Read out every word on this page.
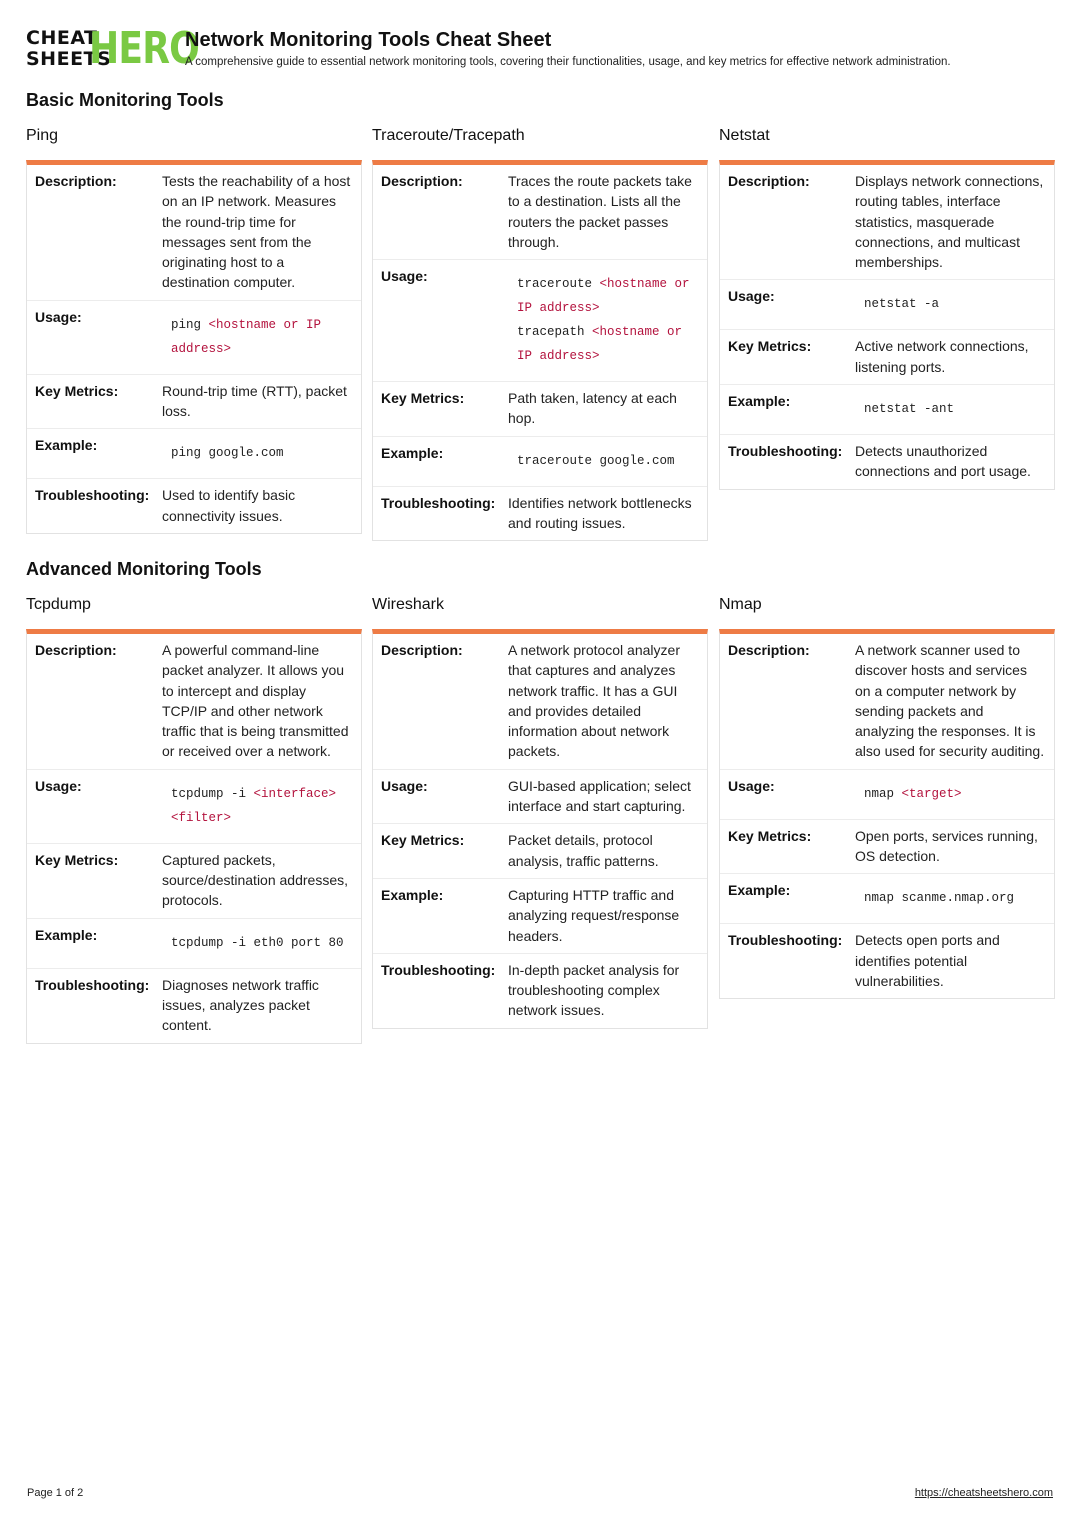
CHEAT
SHEETS
HERO
Network Monitoring Tools Cheat Sheet
A comprehensive guide to essential network monitoring tools, covering their functionalities, usage, and key metrics for effective network administration.
Basic Monitoring Tools
Ping
Description:	Tests the reachability of a host on an IP network. Measures the round-trip time for messages sent from the originating host to a destination computer.
Usage:	ping <hostname or IP address>
Key Metrics:	Round-trip time (RTT), packet loss.
Example:	ping google.com
Troubleshooting: Used to identify basic connectivity issues.
Traceroute/Tracepath
Description:	Traces the route packets take to a destination. Lists all the routers the packet passes through.
Usage:	traceroute <hostname or IP address>
tracepath <hostname or IP address>
Key Metrics:	Path taken, latency at each hop.
Example:	traceroute google.com
Troubleshooting: Identifies network bottlenecks and routing issues.
Netstat
Description:	Displays network connections, routing tables, interface statistics, masquerade connections, and multicast memberships.
Usage:	netstat -a
Key Metrics:	Active network connections, listening ports.
Example:	netstat -ant
Troubleshooting: Detects unauthorized connections and port usage.
Advanced Monitoring Tools
Tcpdump
Description:	A powerful command-line packet analyzer. It allows you to intercept and display TCP/IP and other network traffic that is being transmitted or received over a network.
Usage:	tcpdump -i <interface>
<filter>
Key Metrics:	Captured packets, source/destination addresses, protocols.
Example:	tcpdump -i eth0 port 80
Troubleshooting: Diagnoses network traffic issues, analyzes packet content.
Wireshark
Description:	A network protocol analyzer that captures and analyzes network traffic. It has a GUI and provides detailed information about network packets.
Usage:	GUI-based application; select interface and start capturing.
Key Metrics:	Packet details, protocol analysis, traffic patterns.
Example:	Capturing HTTP traffic and analyzing request/response headers.
Troubleshooting: In-depth packet analysis for troubleshooting complex network issues.
Nmap
Description:	A network scanner used to discover hosts and services on a computer network by sending packets and analyzing the responses. It is also used for security auditing.
Usage:	nmap <target>
Key Metrics:	Open ports, services running, OS detection.
Example:	nmap scanme.nmap.org
Troubleshooting: Detects open ports and identifies potential vulnerabilities.
Page 1 of 2	https://cheatsheetshero.com
